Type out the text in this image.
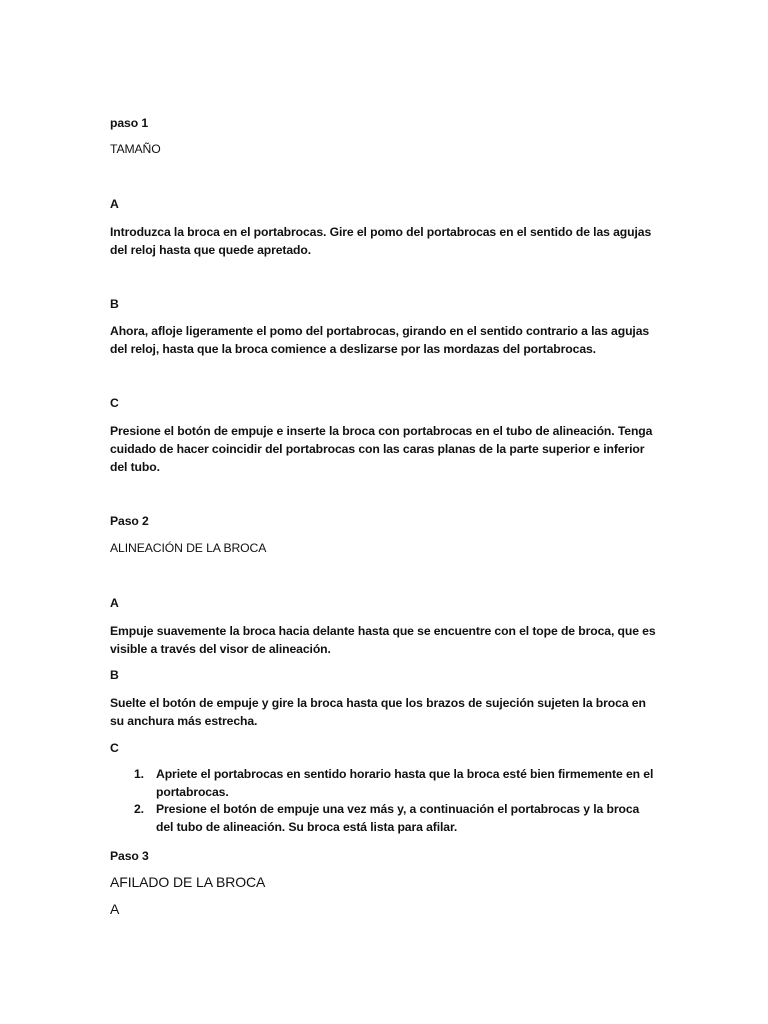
paso 1
TAMAÑO
A
Introduzca la broca en el portabrocas. Gire el pomo del portabrocas en el sentido de las agujas del reloj hasta que quede apretado.
B
Ahora, afloje ligeramente el pomo del portabrocas, girando en el sentido contrario a las agujas del reloj, hasta que la broca comience a deslizarse por las mordazas del portabrocas.
C
Presione el botón de empuje e inserte la broca con portabrocas en el tubo de alineación. Tenga cuidado de hacer coincidir del portabrocas con las caras planas de la parte superior e inferior del tubo.
Paso 2
ALINEACIÓN DE LA BROCA
A
Empuje suavemente la broca hacia delante hasta que se encuentre con el tope de broca, que es visible a través del visor de alineación.
B
Suelte el botón de empuje y gire la broca hasta que los brazos de sujeción sujeten la broca en su anchura más estrecha.
C
1. Apriete el portabrocas en sentido horario hasta que la broca esté bien firmemente en el portabrocas.
2. Presione el botón de empuje una vez más y, a continuación el portabrocas y la broca del tubo de alineación. Su broca está lista para afilar.
Paso 3
AFILADO DE LA BROCA
A
